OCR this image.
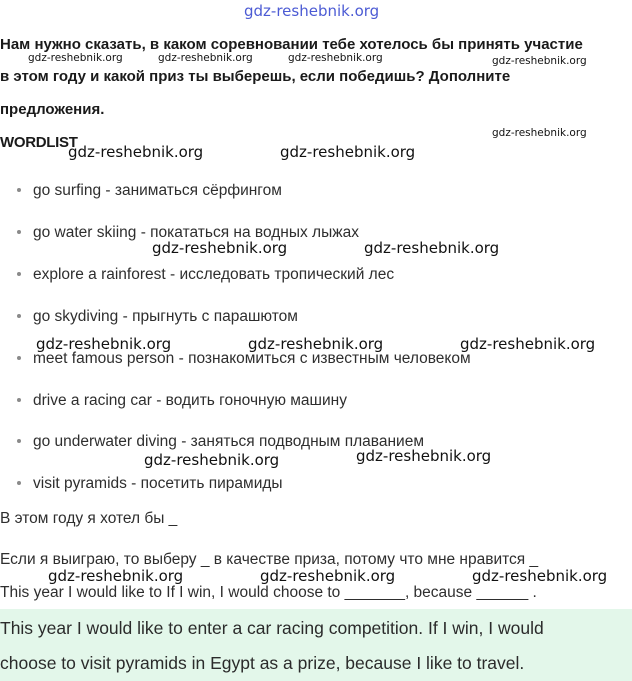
gdz-reshebnik.org
Нам нужно сказать, в каком соревновании тебе хотелось бы принять участие
в этом году и какой приз ты выберешь, если победишь? Дополните
предложения.
gdz-reshebnik.org	gdz-reshebnik.org	gdz-reshebnik.org	gdz-reshebnik.org
gdz-reshebnik.org
WORDLIST
go surfing - заниматься сёрфингом
go water skiing - покататься на водных лыжах
explore a rainforest - исследовать тропический лес
go skydiving - прыгнуть с парашютом
meet famous person - познакомиться с известным человеком
drive a racing car - водить гоночную машину
go underwater diving - заняться подводным плаванием
visit pyramids - посетить пирамиды
gdz-reshebnik.org	gdz-reshebnik.org
gdz-reshebnik.org	gdz-reshebnik.org
gdz-reshebnik.org	gdz-reshebnik.org	gdz-reshebnik.org
gdz-reshebnik.org	gdz-reshebnik.org
В этом году я хотел бы _
Если я выиграю, то выберу _ в качестве приза, потому что мне нравится _
This year I would like to If I win, I would choose to _______, because ______ .
gdz-reshebnik.org	gdz-reshebnik.org	gdz-reshebnik.org
This year I would like to enter a car racing competition. If I win, I would
choose to visit pyramids in Egypt as a prize, because I like to travel.
